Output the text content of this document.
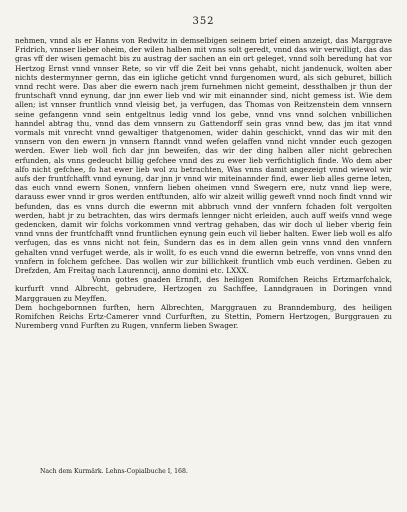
352

nehmen, vnnd als er Hanns von Redwitz in demselbigen seinem brief einen anzeigt, das Marggrave Fridrich, vnnser lieber oheim, der wilen halben mit vnns solt geredt, vnnd das wir verwilligt, das das gras vff der wisen gemacht bis zu austrag der sachen an ein ort geleget, vnnd solh beredung hat vor Hertzog Ernst vnnd vnnser Rete, so vir vff die Zeit bei vnns gehabt, nicht jandenuck, wolten aber nichts destermynner gernn, das ein igliche geticht vnnd furgenomen wurd, als sich geburet, billich vnnd recht were. Das aber die ewern nach jrem furnehmen nicht gemeint, dessthalben jr thun der fruntschaft vnnd eynung, dar jnn ewer lieb vnd wir mit einannder sind, nicht gemess ist. Wie dem allen; ist vnnser fruntlich vnnd vleisig bet, ja verfugen, das Thomas von Reitzenstein dem vnnsern seine gefangenn vnnd sein entgeltnus ledig vnnd los gebe, vnnd vns vnnd solchen vnbillichen hanndel abtrag thu, vnnd das dem vnnsern zu Gattendorff sein gras vnnd bew, das jm itat vnnd vormals mit vnrecht vnnd gewaltiger thatgenomen, wider dahin geschickt, vnnd das wir mit den vnnsern von den ewern jn vnnsern ftanndt vnnd wefen gelaffen vnnd nicht vnnder euch gezogen werden. Ewer lieb woll fich dar jnn beweifen, das wir der ding halben aller nicht gebrechen erfunden, als vnns gedeucht billig gefchee vnnd des zu ewer lieb verfichtiglich finde. Wo dem aber alfo nicht gefchee, fo hat ewer lieb wol zu betrachten, Was vnns damit angezeigt vnnd wiewol wir aufs der fruntfchafft vnnd eynung, dar jnn jr vnnd wir miteinannder find, ewer lieb alles gerne leten, das euch vnnd ewern Sonen, vnnfern lieben oheimen vnnd Swegern ere, nutz vnnd liep were, darauss ewer vnnd ir gros werden entftunden, alfo wir alzeit willig geweft vnnd noch findt vnnd wir befunden, das es vnns durch die ewernn mit abbruch vnnd der vnnfern fchaden folt vergolten werden, habt jr zu betrachten, das wirs dermafs lennger nicht erleiden, auch auff weifs vnnd wege gedencken, damit wir folchs vorkommen vnnd vertrag gehaben, das wir doch ul lieber vberig fein vnnd vnns der fruntfchafft vnnd fruntlichen eynung gein euch vil lieber halten. Ewer lieb woll es alfo verfugen, das es vnns nicht not fein, Sundern das es in dem allen gein vnns vnnd den vnnfern gehalten vnnd verfuget werde, als ir wollt, fo es euch vnnd die ewernn betreffe, von vnns vnnd den vnnfern in folchem gefchee. Das wollen wir zur billichkeit fruntlich vmb euch verdinen. Geben zu Drefzden, Am Freitag nach Laurenncij, anno domini etc. LXXX.

Vonn gottes gnaden Ernnft, des heiligen Romifchen Reichs Ertzmarfchalck, kurfurft vnnd Albrecht, gebrudere, Hertzogen zu Sachffee, Lanndgrauen in Doringen vnnd Marggrauen zu Meyffen.

Dem hochgebornnen furften, hern Albrechten, Marggrauen zu Branndemburg, des heiligen Romifchen Reichs Ertz-Camerer vnnd Curfurften, zu Stettin, Pomern Hertzogen, Burggrauen zu Nuremberg vnnd Furften zu Rugen, vnnferm lieben Swager.

Nach dem Kurmärk. Lehns-Copialbuche I, 168.
